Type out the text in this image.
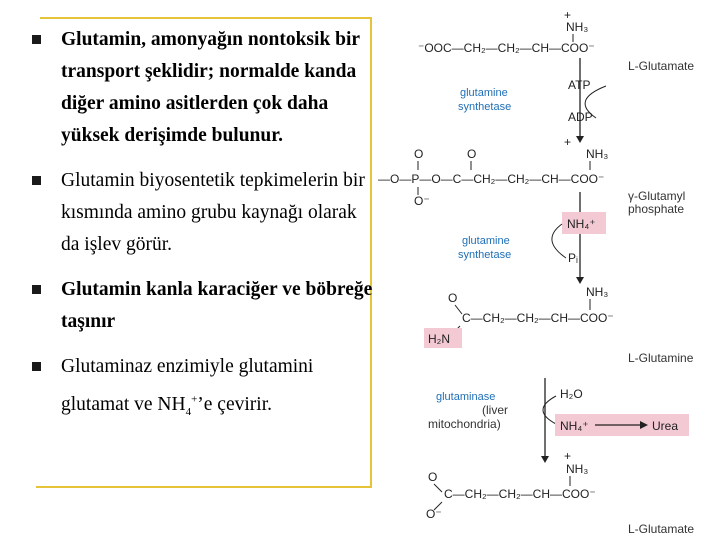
Glutamin, amonyağın nontoksik bir transport şeklidir; normalde kanda diğer amino asitlerden çok daha yüksek derişimde bulunur.
Glutamin biyosentetik tepkimelerin bir kısmında amino grubu kaynağı olarak da işlev görür.
Glutamin kanla karaciğer ve böbreğe taşınır
Glutaminaz enzimiyle glutamini glutamat ve $NH_4^+’e$ çevirir.
+
NH₃
⁻OOC—CH₂—CH₂—CH—COO⁻
L-Glutamate
glutamine
synthetase
ATP
ADP
O	O
+
NH₃
—O—P—O—C—CH₂—CH₂—CH—COO⁻
O⁻	γ-Glutamyl
phosphate
NH₄⁺
glutamine
synthetase	Pᵢ
O	NH₃
C—CH₂—CH₂—CH—COO⁻
H₂N
L-Glutamine
glutaminase
(liver
mitochondria)
H₂O
NH₄⁺	Urea
+
NH₃
O
C—CH₂—CH₂—CH—COO⁻
O⁻
L-Glutamate
